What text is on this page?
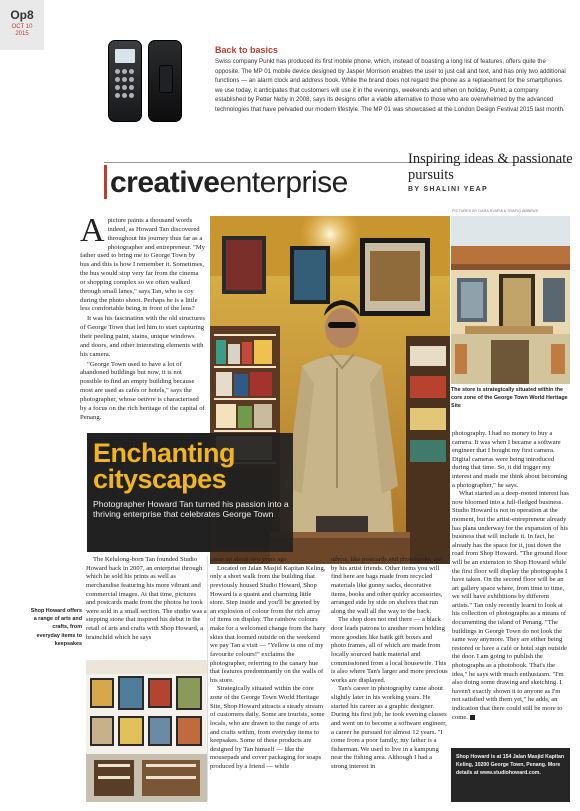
Op8
OCT 10
2015
Back to basics
Swiss company Punkt has produced its first mobile phone, which, instead of boasting a long list of features, offers quite the opposite. The MP 01 mobile device designed by Jasper Morrison enables the user to just call and text, and has only two additional functions — an alarm clock and address book. While the brand does not regard the phone as a replacement for the smartphones we use today, it anticipates that customers will use it in the evenings, weekends and when on holiday. Punkt, a company established by Petter Neby in 2008, says its designs offer a viable alternative to those who are overwhelmed by the advanced technologies that have pervaded our modern lifestyle. The MP 01 was showcased at the London Design Festival 2015 last month.
creativeenterprise
Inspiring ideas & passionate pursuits
BY SHALINI YEAP
PICTURES BY DARA SYAFIA & SYAFIQ AMBRUS

Apicture paints a thousand words indeed, as Howard Tan discovered throughout his journey thus far as a photographer and entrepreneur. "My father used to bring me to George Town by bus and this is how I remember it. Sometimes, the bus would stop very far from the cinema or shopping complex so we often walked through small lanes," says Tan, who is coy during the photo shoot. Perhaps he is a little less comfortable being in front of the lens?

It was his fascination with the old structures of George Town that led him to start capturing their peeling paint, stains, unique windows and doors, and other interesting elements with his camera.

"George Town used to have a lot of abandoned buildings but now, it is not possible to find an empty building because most are used as cafés or hotels," says the photographer, whose oeuvre is characterised by a focus on the rich heritage of the capital of Penang.

The store is strategically situated within the core zone of the George Town World Heritage Site
Enchanting cityscapes
Photographer Howard Tan turned his passion into a thriving enterprise that celebrates George Town

photography. I had no money to buy a camera. It was when I became a software engineer that I bought my first camera. Digital cameras were being introduced during that time. So, it did trigger my interest and made me think about becoming a photographer," he says.

What started as a deep-rooted interest has now bloomed into a full-fledged business. Studio Howard is not in operation at the moment, but the artist-entrepreneur already has plans underway for the expansion of his business that will include it. In fact, he already has the space for it, just down the road from Shop Howard. "The ground floor will be an extension to Shop Howard while the first floor will display the photographs I have taken. On the second floor will be an art gallery space where, from time to time, we will have exhibitions by different artists." Tan only recently learnt to look at his collection of photographs as a means of documenting the island of Penang. "The buildings in George Town do not look the same way anymore. They are either being restored or have a café or hotel sign outside the door. I am going to publish the photographs as a photobook. That's the idea," he says with much enthusiasm. "I'm also doing some drawing and sketching. I haven't exactly shown it to anyone as I'm not satisfied with them yet," he adds, an indication that there could still be more to come.

Shop Howard is at 154 Jalan Masjid Kapitan Keling, 10200 George Town, Penang. More details at www.studiohoward.com.
Shop Howard offers a range of arts and crafts, from everyday items to keepsakes

The Kelulong-born Tan founded Studio Howard back in 2007, an enterprise through which he sold his prints as well as merchandise featuring his more vibrant and commercial images. At that time, pictures and postcards made from the photos he took were sold in a small section. The studio was a stepping stone that inspired his debut in the retail of arts and crafts with Shop Howard, a brainchild which he says

came up about two years ago.

Located on Jalan Masjid Kapitan Keling, only a short walk from the building that previously housed Studio Howard, Shop Howard is a quaint and charming little store. Step inside and you'll be greeted by an explosion of colour from the rich array of items on display. The rainbow colours make for a welcomed change from the hazy skies that loomed outside on the weekend we pay Tan a visit — "Yellow is one of my favourite colours!" exclaims the photographer, referring to the canary hue that features predominantly on the walls of his store.

Strategically situated within the core zone of the George Town World Heritage Site, Shop Howard attracts a steady stream of customers daily. Some are tourists, some locals, who are drawn to the range of arts and crafts within, from everyday items to keepsakes. Some of these products are designed by Tan himself — like the mousepads and cover packaging for soaps produced by a friend — while

others, like postcards and photobooks, are by his artist friends. Other items you will find here are bags made from recycled materials like gunny sacks, decorative items, books and other quirky accessories, arranged side by side on shelves that run along the wall all the way to the back.

The shop does not end there — a black door leads patrons to another room holding more goodies like batik gift boxes and photo frames, all of which are made from locally sourced batik material and commissioned from a local housewife. This is also where Tan's larger and more precious works are displayed.

Tan's career in photography came about slightly later in his working years. He started his career as a graphic designer. During his first job, he took evening classes and went on to become a software engineer, a career he pursued for almost 12 years. "I come from a poor family; my father is a fisherman. We used to live in a kampung near the fishing area. Although I had a strong interest in
